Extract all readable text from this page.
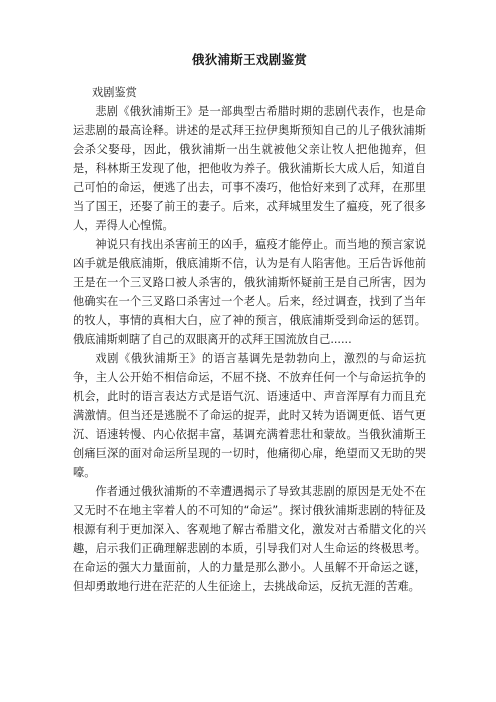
俄狄浦斯王戏剧鉴赏
戏剧鉴赏

悲剧《俄狄浦斯王》是一部典型古希腊时期的悲剧代表作，也是命运悲剧的最高诠释。讲述的是忒拜王拉伊奥斯预知自己的儿子俄狄浦斯会杀父娶母，因此，俄狄浦斯一出生就被他父亲让牧人把他抛弃，但是，科林斯王发现了他，把他收为养子。俄狄浦斯长大成人后，知道自己可怕的命运，便逃了出去，可事不凑巧，他恰好来到了忒拜，在那里当了国王，还娶了前王的妻子。后来，忒拜城里发生了瘟疫，死了很多人，弄得人心惶慌。

神说只有找出杀害前王的凶手，瘟疫才能停止。而当地的预言家说凶手就是俄底浦斯，俄底浦斯不信，认为是有人陷害他。王后告诉他前王是在一个三叉路口被人杀害的，俄狄浦斯怀疑前王是自己所害，因为他确实在一个三叉路口杀害过一个老人。后来，经过调查，找到了当年的牧人，事情的真相大白，应了神的预言，俄底浦斯受到命运的惩罚。俄底浦斯刺瞎了自己的双眼离开的忒拜王国流放自己......

戏剧《俄狄浦斯王》的语言基调先是勃勃向上，激烈的与命运抗争，主人公开始不相信命运，不屈不挠、不放弃任何一个与命运抗争的机会，此时的语言表达方式是语气沉、语速适中、声音浑厚有力而且充满激情。但当还是逃脱不了命运的捉弄，此时又转为语调更低、语气更沉、语速转慢、内心依据丰富，基调充满着悲壮和蒙故。当俄狄浦斯王创痛巨深的面对命运所呈现的一切时，他痛彻心扉，绝望而又无助的哭嚎。

作者通过俄狄浦斯的不幸遭遇揭示了导致其悲剧的原因是无处不在又无时不在地主宰着人的不可知的“命运”。探讨俄狄浦斯悲剧的特征及根源有利于更加深入、客观地了解古希腊文化，激发对古希腊文化的兴趣，启示我们正确理解悲剧的本质，引导我们对人生命运的终极思考。在命运的强大力量面前，人的力量是那么渺小。人虽解不开命运之谜，但却勇敢地行进在茫茫的人生征途上，去挑战命运，反抗无涯的苦难。
